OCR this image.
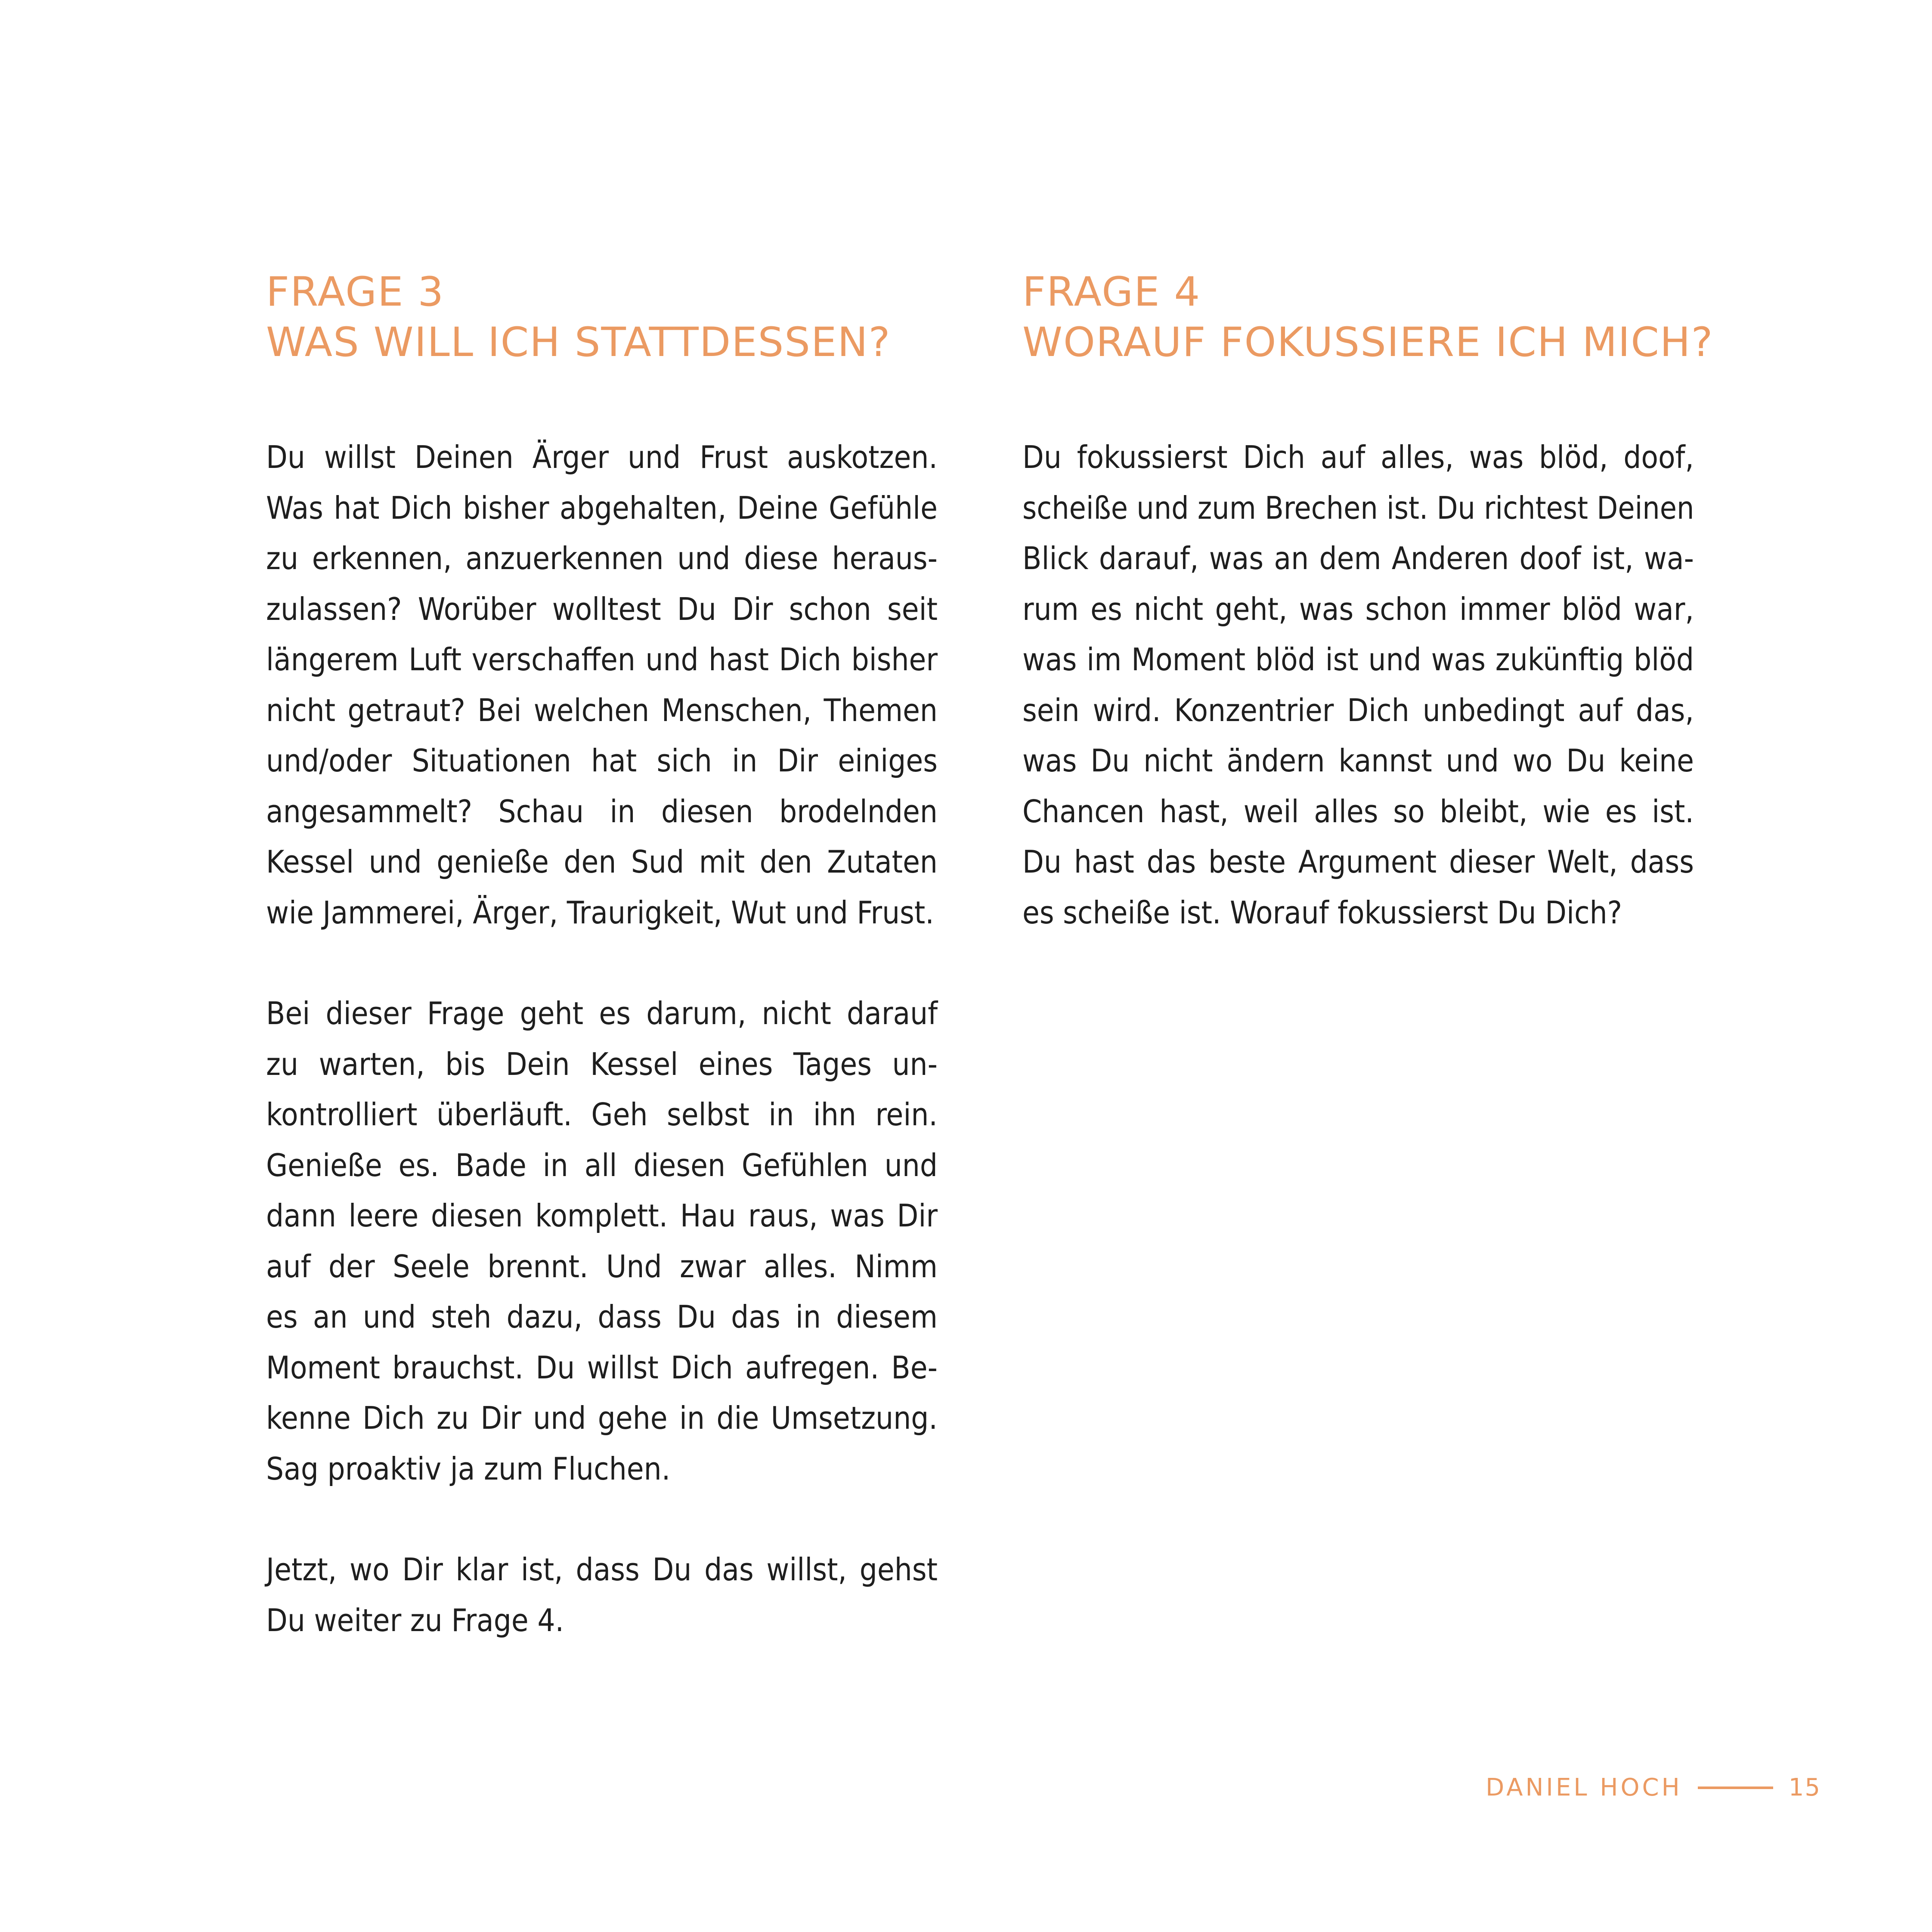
FRAGE 3
WAS WILL ICH STATTDESSEN?

Du willst Deinen Ärger und Frust auskotzen.
Was hat Dich bisher abgehalten, Deine Gefühle
zu erkennen, anzuerkennen und diese heraus-
zulassen? Worüber wolltest Du Dir schon seit
längerem Luft verschaffen und hast Dich bisher
nicht getraut? Bei welchen Menschen, Themen
und/oder Situationen hat sich in Dir einiges
angesammelt? Schau in diesen brodelnden
Kessel und genieße den Sud mit den Zutaten
wie Jammerei, Ärger, Traurigkeit, Wut und Frust.

Bei dieser Frage geht es darum, nicht darauf
zu warten, bis Dein Kessel eines Tages un-
kontrolliert überläuft. Geh selbst in ihn rein.
Genieße es. Bade in all diesen Gefühlen und
dann leere diesen komplett. Hau raus, was Dir
auf der Seele brennt. Und zwar alles. Nimm
es an und steh dazu, dass Du das in diesem
Moment brauchst. Du willst Dich aufregen. Be-
kenne Dich zu Dir und gehe in die Umsetzung.
Sag proaktiv ja zum Fluchen.

Jetzt, wo Dir klar ist, dass Du das willst, gehst
Du weiter zu Frage 4.

FRAGE 4
WORAUF FOKUSSIERE ICH MICH?

Du fokussierst Dich auf alles, was blöd, doof,
scheiße und zum Brechen ist. Du richtest Deinen
Blick darauf, was an dem Anderen doof ist, wa-
rum es nicht geht, was schon immer blöd war,
was im Moment blöd ist und was zukünftig blöd
sein wird. Konzentrier Dich unbedingt auf das,
was Du nicht ändern kannst und wo Du keine
Chancen hast, weil alles so bleibt, wie es ist.
Du hast das beste Argument dieser Welt, dass
es scheiße ist. Worauf fokussierst Du Dich?

DANIEL HOCH	15
